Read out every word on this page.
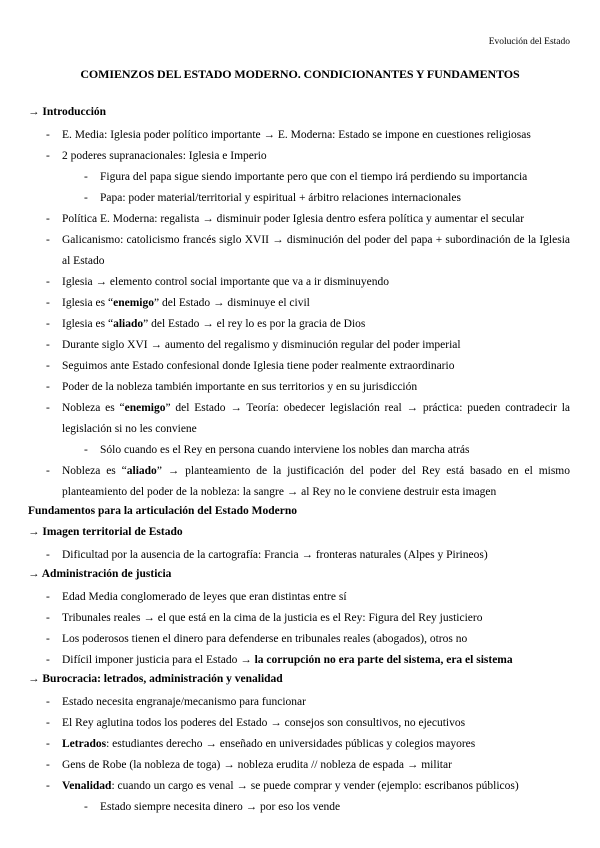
Evolución del Estado
COMIENZOS DEL ESTADO MODERNO. CONDICIONANTES Y FUNDAMENTOS
→ Introducción
- E. Media: Iglesia poder político importante → E. Moderna: Estado se impone en cuestiones religiosas
- 2 poderes supranacionales: Iglesia e Imperio
- Figura del papa sigue siendo importante pero que con el tiempo irá perdiendo su importancia
- Papa: poder material/territorial y espiritual + árbitro relaciones internacionales
- Política E. Moderna: regalista → disminuir poder Iglesia dentro esfera política y aumentar el secular
- Galicanismo: catolicismo francés siglo XVII → disminución del poder del papa + subordinación de la Iglesia al Estado
- Iglesia → elemento control social importante que va a ir disminuyendo
- Iglesia es “enemigo” del Estado → disminuye el civil
- Iglesia es “aliado” del Estado → el rey lo es por la gracia de Dios
- Durante siglo XVI → aumento del regalismo y disminución regular del poder imperial
- Seguimos ante Estado confesional donde Iglesia tiene poder realmente extraordinario
- Poder de la nobleza también importante en sus territorios y en su jurisdicción
- Nobleza es “enemigo” del Estado → Teoría: obedecer legislación real → práctica: pueden contradecir la legislación si no les conviene
- Sólo cuando es el Rey en persona cuando interviene los nobles dan marcha atrás
- Nobleza es “aliado” → planteamiento de la justificación del poder del Rey está basado en el mismo planteamiento del poder de la nobleza: la sangre → al Rey no le conviene destruir esta imagen
Fundamentos para la articulación del Estado Moderno
→ Imagen territorial de Estado
- Dificultad por la ausencia de la cartografía: Francia → fronteras naturales (Alpes y Pirineos)
→ Administración de justicia
- Edad Media conglomerado de leyes que eran distintas entre sí
- Tribunales reales → el que está en la cima de la justicia es el Rey: Figura del Rey justiciero
- Los poderosos tienen el dinero para defenderse en tribunales reales (abogados), otros no
- Difícil imponer justicia para el Estado → la corrupción no era parte del sistema, era el sistema
→ Burocracia: letrados, administración y venalidad
- Estado necesita engranaje/mecanismo para funcionar
- El Rey aglutina todos los poderes del Estado → consejos son consultivos, no ejecutivos
- Letrados: estudiantes derecho → enseñado en universidades públicas y colegios mayores
- Gens de Robe (la nobleza de toga) → nobleza erudita // nobleza de espada → militar
- Venalidad: cuando un cargo es venal → se puede comprar y vender (ejemplo: escribanos públicos)
- Estado siempre necesita dinero → por eso los vende
